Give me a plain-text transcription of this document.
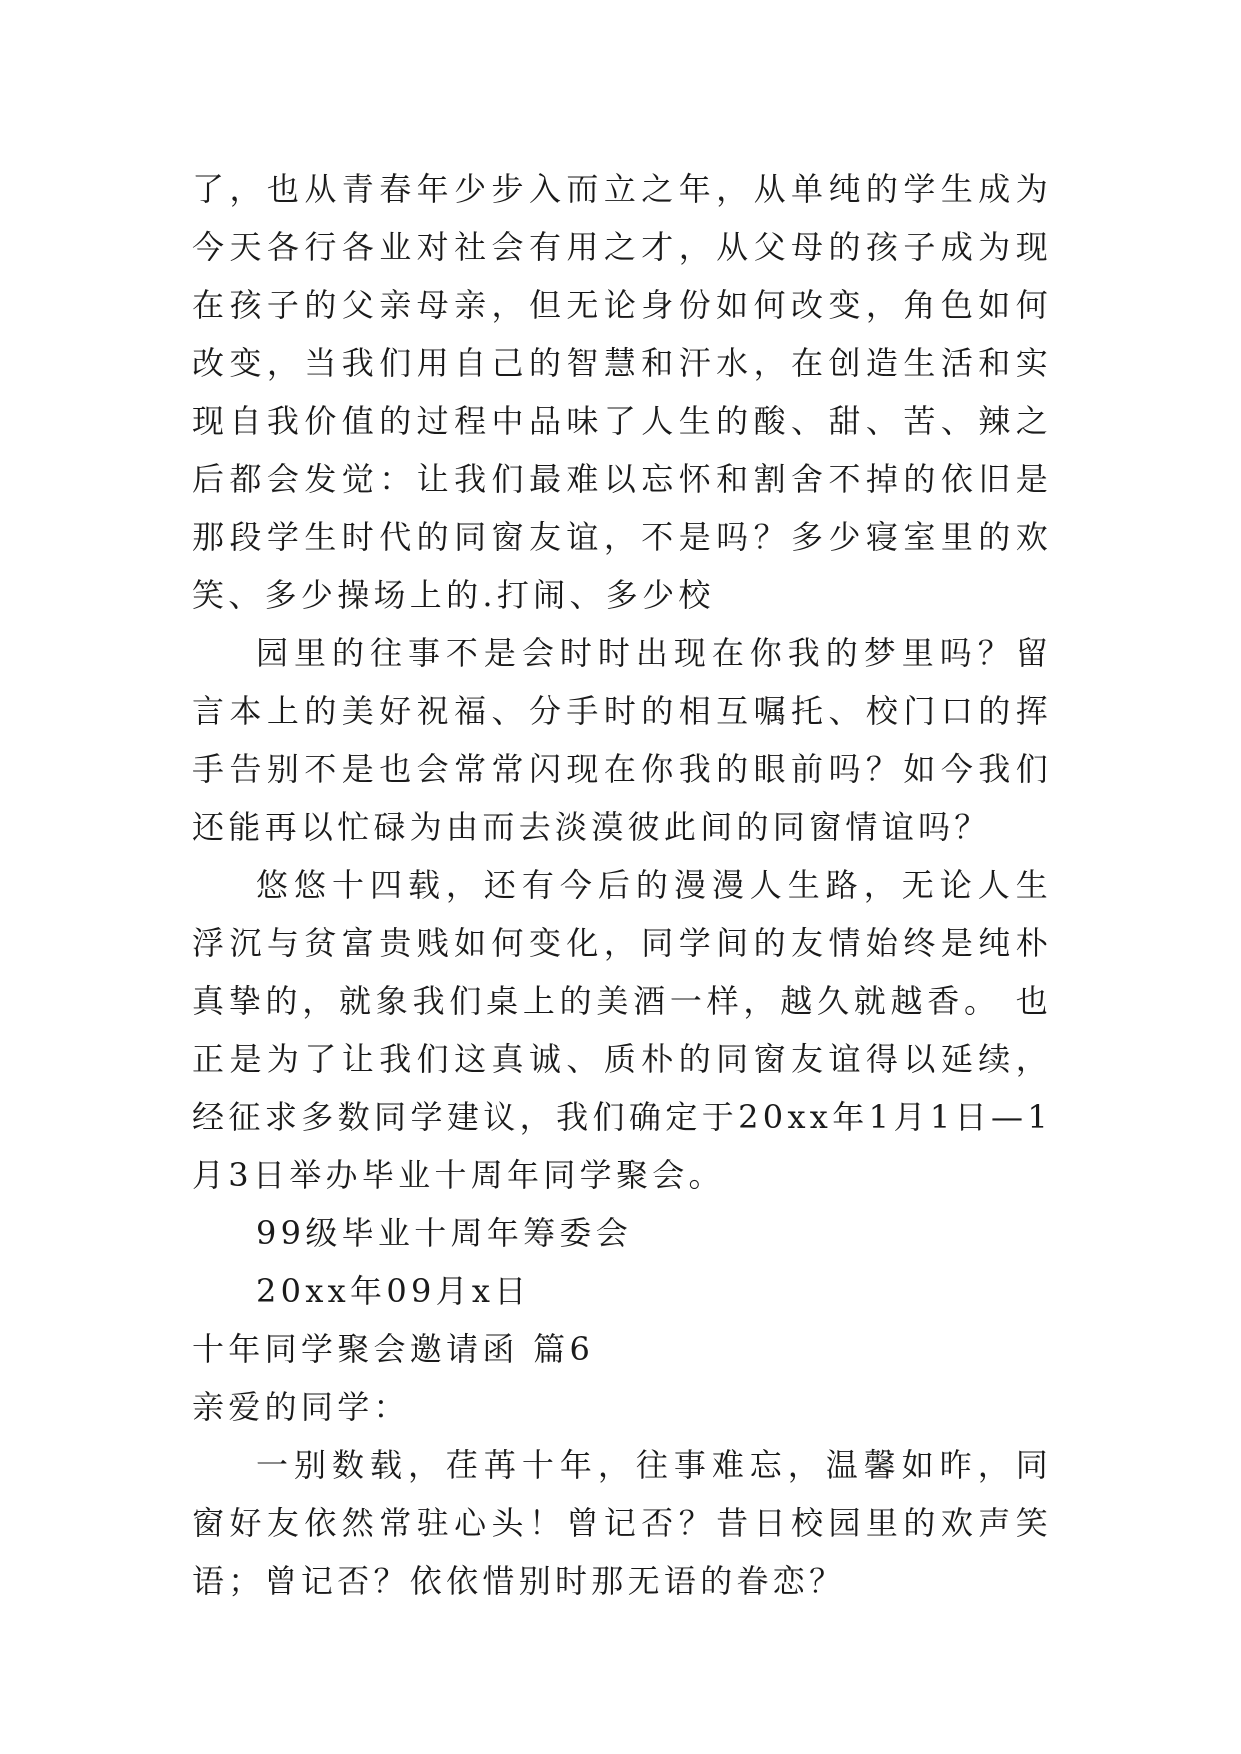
了，也从青春年少步入而立之年，从单纯的学生成为今天各行各业对社会有用之才，从父母的孩子成为现在孩子的父亲母亲，但无论身份如何改变，角色如何改变，当我们用自己的智慧和汗水，在创造生活和实现自我价值的过程中品味了人生的酸、甜、苦、辣之后都会发觉：让我们最难以忘怀和割舍不掉的依旧是那段学生时代的同窗友谊，不是吗？多少寝室里的欢笑、多少操场上的.打闹、多少校

园里的往事不是会时时出现在你我的梦里吗？留言本上的美好祝福、分手时的相互嘱托、校门口的挥手告别不是也会常常闪现在你我的眼前吗？如今我们还能再以忙碌为由而去淡漠彼此间的同窗情谊吗？

悠悠十四载，还有今后的漫漫人生路，无论人生浮沉与贫富贵贱如何变化，同学间的友情始终是纯朴真挚的，就象我们桌上的美酒一样，越久就越香。 也正是为了让我们这真诚、质朴的同窗友谊得以延续，经征求多数同学建议，我们确定于20xx年1月1日—1月3日举办毕业十周年同学聚会。

99级毕业十周年筹委会

20xx年09月x日

十年同学聚会邀请函 篇6

亲爱的同学：

一别数载，荏苒十年，往事难忘，温馨如昨，同窗好友依然常驻心头！曾记否？昔日校园里的欢声笑语；曾记否？依依惜别时那无语的眷恋？
